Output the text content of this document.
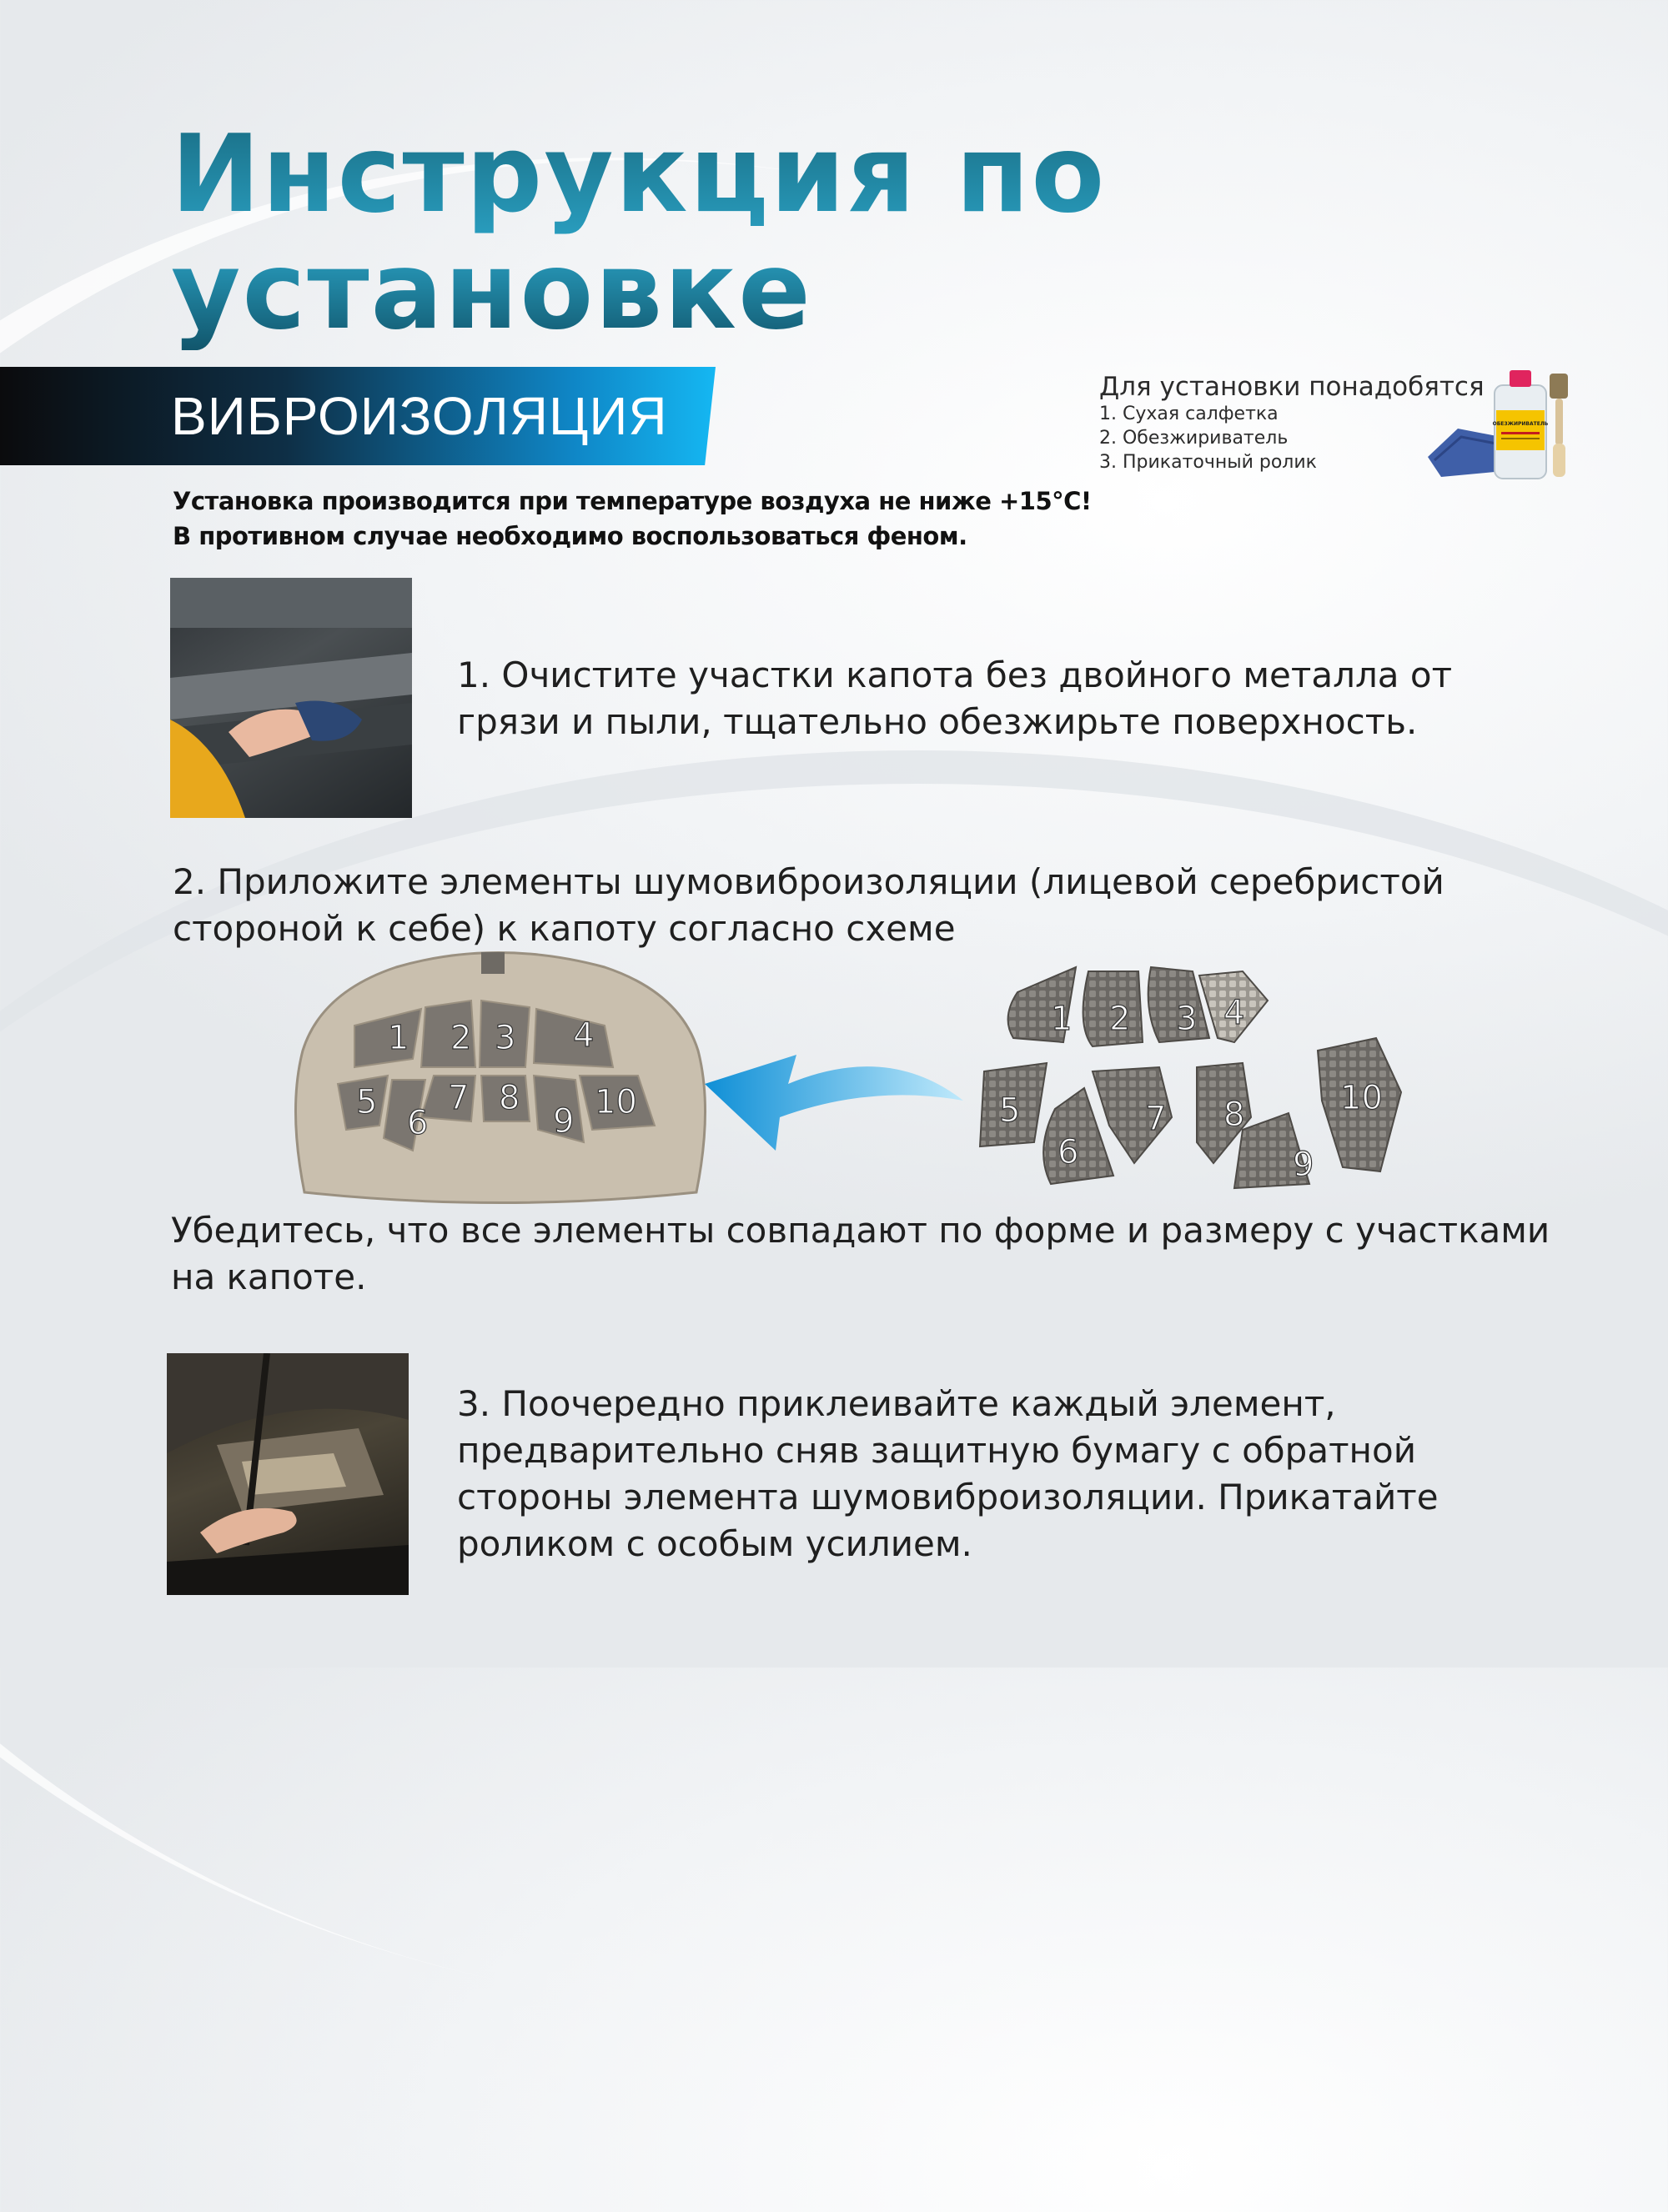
Инструкция по
установке
ВИБРОИЗОЛЯЦИЯ	Для установки понадобятся
1. Сухая салфетка
2. Обезжириватель
3. Прикаточный ролик
ОБЕЗЖИРИВАТЕЛЬ
Установка производится при температуре воздуха не ниже +15°С!
В противном случае необходимо воспользоваться феном.
1. Очистите участки капота без двойного металла от грязи и пыли, тщательно обезжирьте поверхность.
2. Приложите элементы шумовиброизоляции (лицевой серебристой стороной к себе) к капоту согласно схеме
1 2 3 4
5
6
7 8
9 10
1 2 3 4
5
6
7 8
9
10
Убедитесь, что все элементы совпадают по форме и размеру с участками на капоте.
3. Поочередно приклеивайте каждый элемент, предварительно сняв защитную бумагу с обратной стороны элемента шумовиброизоляции. Прикатайте роликом с особым усилием.
